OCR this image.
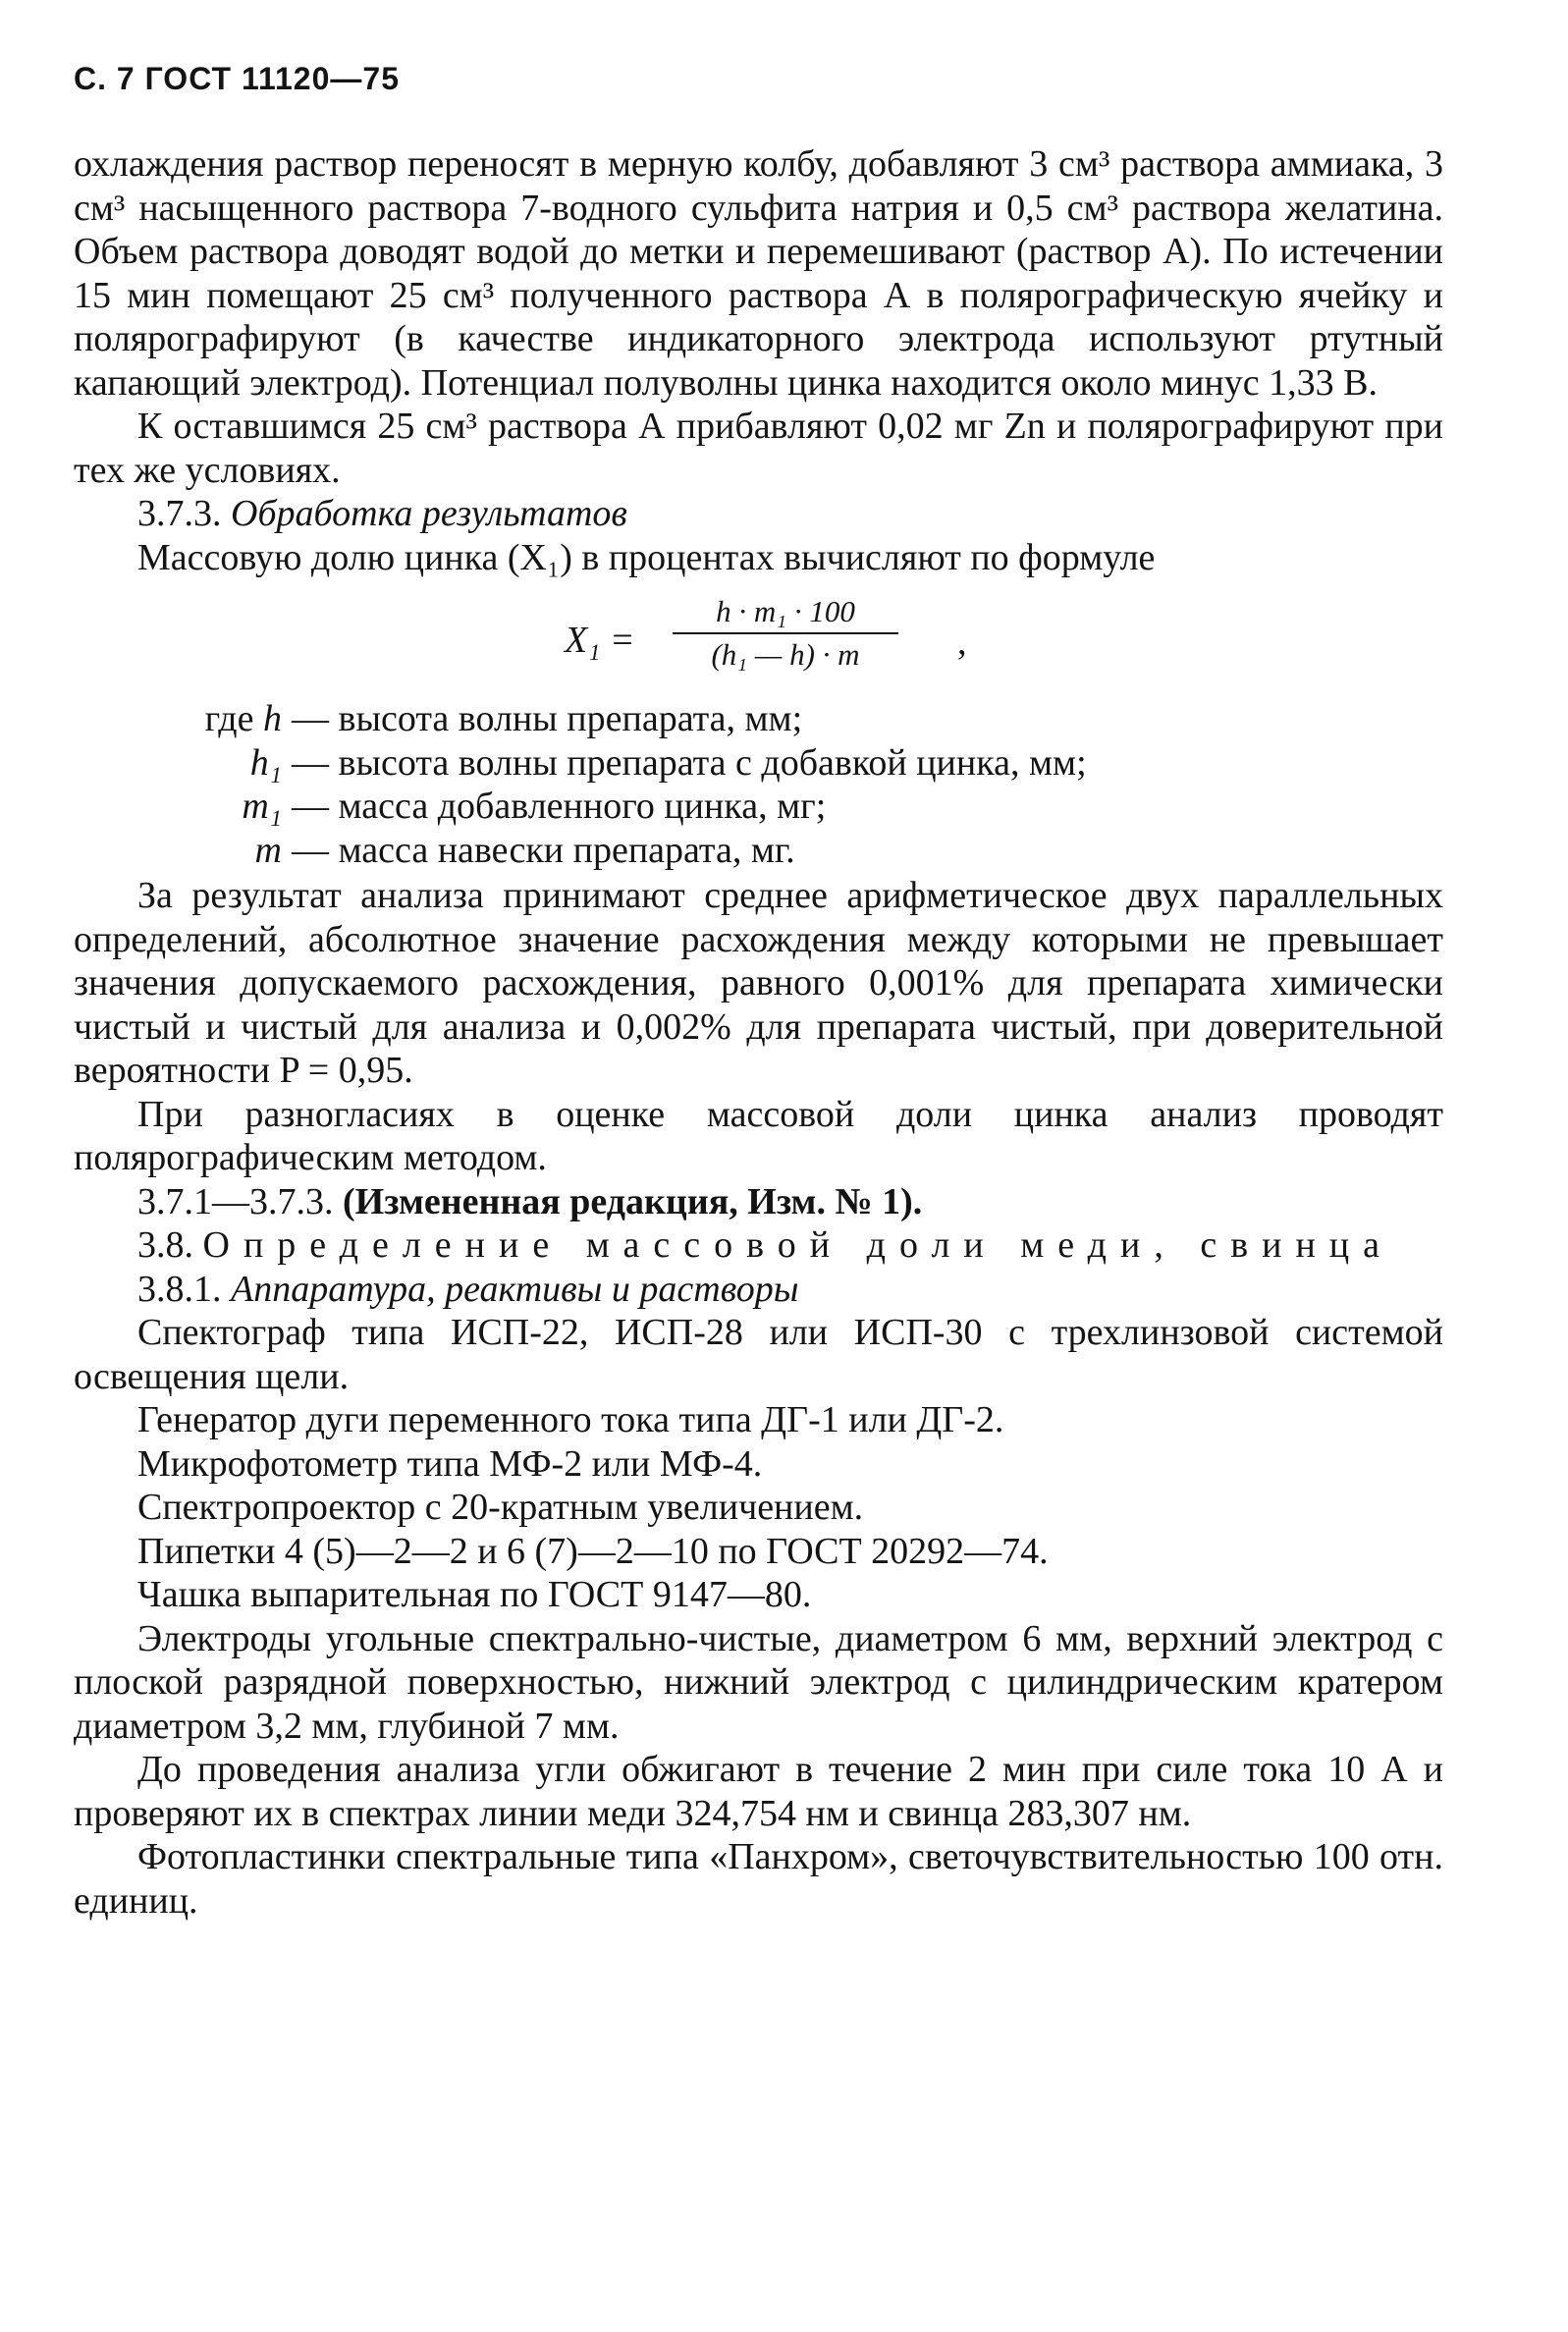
С. 7 ГОСТ 11120—75

охлаждения раствор переносят в мерную колбу, добавляют 3 см³ раствора аммиака, 3 см³ насыщенного раствора 7-водного сульфита натрия и 0,5 см³ раствора желатина. Объем раствора доводят водой до метки и перемешивают (раствор А). По истечении 15 мин помещают 25 см³ полученного раствора А в полярографическую ячейку и полярографируют (в качестве индикаторного электрода используют ртутный капающий электрод). Потенциал полуволны цинка находится около минус 1,33 В.

К оставшимся 25 см³ раствора А прибавляют 0,02 мг Zn и полярографируют при тех же условиях.

3.7.3. Обработка результатов

Массовую долю цинка (X₁) в процентах вычисляют по формуле

X₁ =
h · m₁ · 100
(h₁ — h) · m	,
где h — высота волны препарата, мм;
h₁ — высота волны препарата с добавкой цинка, мм;
m₁ — масса добавленного цинка, мг;
m — масса навески препарата, мг.

За результат анализа принимают среднее арифметическое двух параллельных определений, абсолютное значение расхождения между которыми не превышает значения допускаемого расхождения, равного 0,001% для препарата химически чистый и чистый для анализа и 0,002% для препарата чистый, при доверительной вероятности P = 0,95.

При разногласиях в оценке массовой доли цинка анализ проводят полярографическим методом.

3.7.1—3.7.3. (Измененная редакция, Изм. № 1).

3.8. Определение массовой доли меди, свинца

3.8.1. Аппаратура, реактивы и растворы

Спектограф типа ИСП-22, ИСП-28 или ИСП-30 с трехлинзовой системой освещения щели.

Генератор дуги переменного тока типа ДГ-1 или ДГ-2.

Микрофотометр типа МФ-2 или МФ-4.

Спектропроектор с 20-кратным увеличением.

Пипетки 4 (5)—2—2 и 6 (7)—2—10 по ГОСТ 20292—74.

Чашка выпарительная по ГОСТ 9147—80.

Электроды угольные спектрально-чистые, диаметром 6 мм, верхний электрод с плоской разрядной поверхностью, нижний электрод с цилиндрическим кратером диаметром 3,2 мм, глубиной 7 мм.

До проведения анализа угли обжигают в течение 2 мин при силе тока 10 А и проверяют их в спектрах линии меди 324,754 нм и свинца 283,307 нм.

Фотопластинки спектральные типа «Панхром», светочувствительностью 100 отн. единиц.
